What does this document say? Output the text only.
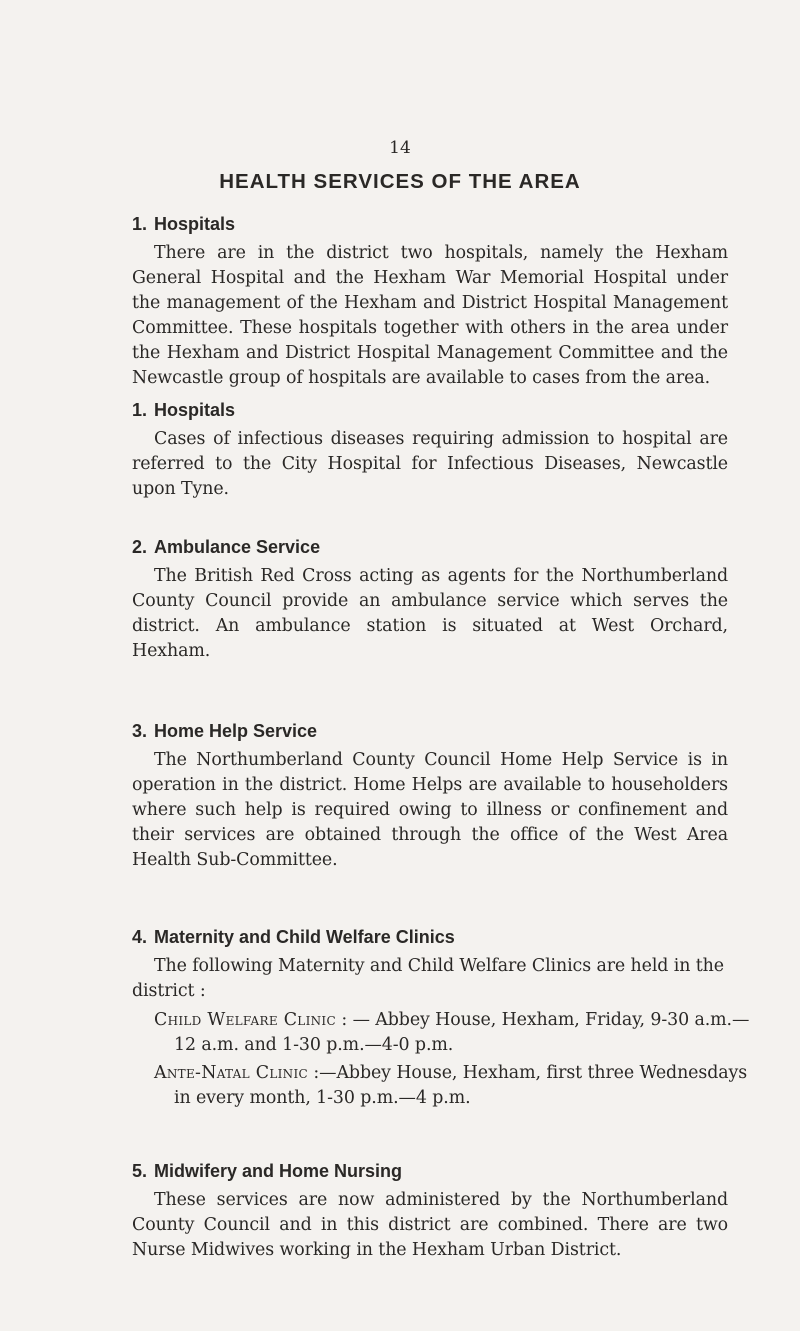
14
HEALTH SERVICES OF THE AREA
1. Hospitals

There are in the district two hospitals, namely the Hexham General Hospital and the Hexham War Memorial Hospital under the management of the Hexham and District Hospital Management Committee. These hospitals together with others in the area under the Hexham and District Hospital Management Committee and the Newcastle group of hospitals are available to cases from the area.

1. Hospitals

Cases of infectious diseases requiring admission to hospital are referred to the City Hospital for Infectious Diseases, Newcastle upon Tyne.

2. Ambulance Service

The British Red Cross acting as agents for the Northumberland County Council provide an ambulance service which serves the district. An ambulance station is situated at West Orchard, Hexham.

3. Home Help Service

The Northumberland County Council Home Help Service is in operation in the district. Home Helps are available to householders where such help is required owing to illness or confinement and their services are obtained through the office of the West Area Health Sub-Committee.

4. Maternity and Child Welfare Clinics

The following Maternity and Child Welfare Clinics are held in the district :

Child Welfare Clinic : — Abbey House, Hexham, Friday, 9-30 a.m.—12 a.m. and 1-30 p.m.—4-0 p.m.

Ante-Natal Clinic :—Abbey House, Hexham, first three Wednesdays in every month, 1-30 p.m.—4 p.m.

5. Midwifery and Home Nursing

These services are now administered by the Northumberland County Council and in this district are combined. There are two Nurse Midwives working in the Hexham Urban District.
